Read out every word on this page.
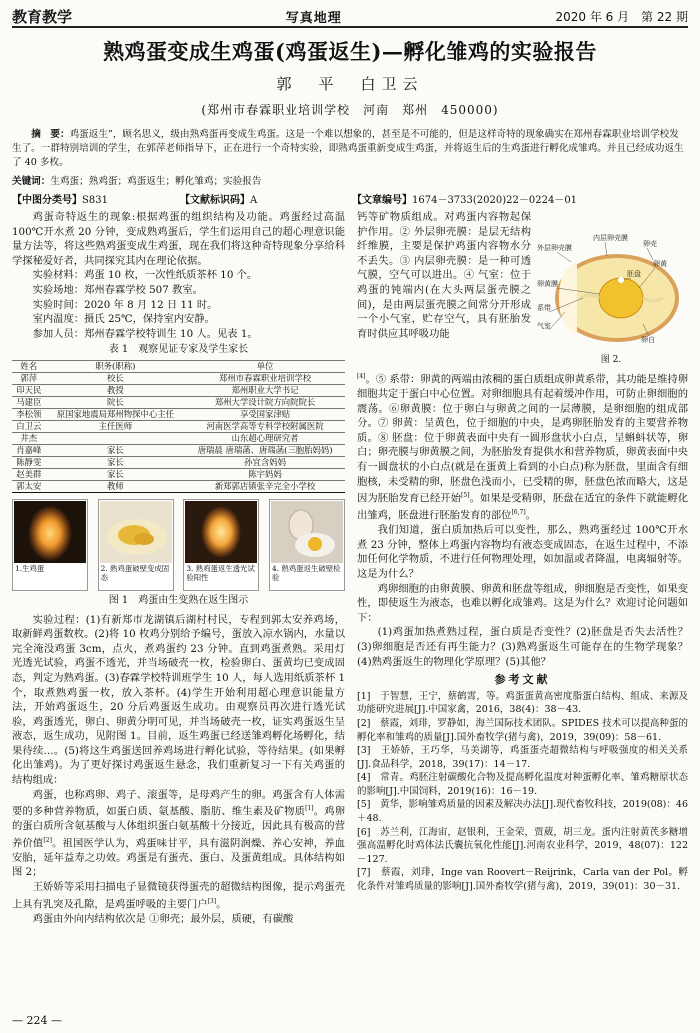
教育教学	写真地理	2020 年 6 月　第 22 期
熟鸡蛋变成生鸡蛋(鸡蛋返生)—孵化雏鸡的实验报告
郭　平　白卫云
(郑州市春霖职业培训学校　河南　郑州　450000)
摘　要：鸡蛋返生”，顾名思义，级由熟鸡蛋再变成生鸡蛋。这是一个难以想象的，甚至是不可能的，但是这样奇特的现象确实在郑州春霖职业培训学校发生了。一群特别培训的学生，在郭萍老师指导下，正在进行一个奇特实验，即熟鸡蛋重新变成生鸡蛋，并将返生后的生鸡蛋进行孵化成雏鸡。并且已经成功返生了 40 多枚。
关键词：生鸡蛋；熟鸡蛋；鸡蛋返生；孵化雏鸡；实验报告
【中图分类号】S831	【文献标识码】A	【文章编号】1674－3733(2020)22－0224－01

鸡蛋奇特返生的现象:根据鸡蛋的组织结构及功能。鸡蛋经过高温 100℃开水煮 20 分钟，变成熟鸡蛋后，学生们运用自己的超心理意识能量方法等，将这些熟鸡蛋变成生鸡蛋，现在我们将这种奇特现象分享给科学探秘爱好者，共同探究其内在理论依据。

实验材料：鸡蛋 10 枚，一次性纸质茶杯 10 个。

实验场地：郑州春霖学校 507 教室。

实验时间：2020 年 8 月 12 日 11 时。

室内温度：摄氏 25℃，保持室内安静。

参加人员：郑州春霖学校特训生 10 人。见表 1。

表 1　观察见证专家及学生家长
姓名	职务(职称)	单位
郭萍	校长	郑州市春霖职业培训学校
印天民	教授	郑州职业大学书记
马建臣	院长	郑州大学设计院方向院院长
李松领	原国家地震局郑州物探中心主任	享受国家津贴
白卫云	主任医师	河南医学高等专科学校附属医院
井杰		山东超心理研究者
肖嘉峰	家长	唐瑞晨 唐瑞菡、唐瑞菡(三胞胎妈妈)
陈静雯	家长	孙宜含妈妈
赵美群	家长	陈宇妈妈
郭太安	教师	新郑郭店镇张辛完全小学校
1.生鸡蛋	2. 熟鸡蛋破壁变成固态
3. 熟鸡蛋返生透光试验阳性
4. 熟鸡蛋返生破壁检验
图 1　鸡蛋由生变熟在返生图示

实验过程：(1)有新郑市龙湖镇后湖村村民，专程到郭太安养鸡场，取新鲜鸡蛋数枚。(2)将 10 枚鸡分别给予编号，蛋放入凉水锅内，水量以完全淹没鸡蛋 3cm，点火，煮鸡蛋约 23 分钟。直到鸡蛋煮熟。采用灯光透光试验，鸡蛋不透光，并当场破壳一枚，检验卵白、蛋黄均已变成固态，判定为熟鸡蛋。(3)春霖学校特训班学生 10 人，每人选用纸质茶杯 1 个，取煮熟鸡蛋一枚，放入茶杯。(4)学生开始利用超心理意识能量方法，开始鸡蛋返生，20 分后鸡蛋返生成功。由观察员再次进行透光试验，鸡蛋透光，卵白、卵黄分明可见，并当场破壳一枚，证实鸡蛋返生呈液态，返生成功，见附图 1。目前，返生鸡蛋已经送雏鸡孵化场孵化，结果待续…。(5)将这生鸡蛋送回养鸡场进行孵化试验，等待结果。(如果孵化出雏鸡)。为了更好探讨鸡蛋返生悬念，我们重新复习一下有关鸡蛋的结构组成：

鸡蛋，也称鸡卵、鸡子、滚蛋等，是母鸡产生的卵。鸡蛋含有人体需要的多种营养物质，如蛋白质、氨基酸、脂肪、维生素及矿物质[1]。鸡卵的蛋白质所含氨基酸与人体组织蛋白氨基酸十分接近，因此具有极高的营养价值[2]。祖国医学认为，鸡蛋味甘平，具有滋阴润燥、养心安神，养血安胎，延年益寿之功效。鸡蛋是有蛋壳、蛋白、及蛋黄组成。具体结构如图 2；

王娇娇等采用扫描电子显微镜获得蛋壳的超微结构图像，提示鸡蛋壳上具有乳突及孔隙，是鸡蛋呼吸的主要门户[3]。

鸡蛋由外向内结构依次是 ①卵壳；最外层，质硬，有碳酸

内层卵壳膜
外层卵壳膜	卵壳
卵黄
卵黄膜
胚盘
系带
气室
卵白
图 2.

钙等矿物质组成。对鸡蛋内容物起保护作用。② 外层卵壳膜：是层无结构纤维膜，主要是保护鸡蛋内容物水分不丢失。③ 内层卵壳膜：是一种可透气膜，空气可以进出。④ 气室：位于鸡蛋的钝端内(在大头两层蛋壳膜之间)，是由两层蛋壳膜之间常分开形成一个小气室，贮存空气，具有胚胎发育时供应其呼吸功能

[4]。⑤ 系带：卵黄的两端由浓稠的蛋白质组成卵黄系带，其功能是维持卵细胞共定于蛋白中心位置。对卵细胞具有起着缓冲作用，可防止卵细胞的震荡。⑥卵黄膜：位于卵白与卵黄之间的一层薄膜，是卵细胞的组成部分。⑦ 卵黄：呈黄色，位于细胞的中央，是鸡卵胚胎发育的主要营养物质。⑧ 胚盘：位于卵黄表面中央有一圆形盘状小白点，呈蝌蚪状等，卵白；卵壳膜与卵黄膜之间，为胚胎发育提供水和营养物质，卵黄表面中央有一圆盘状的小白点(就是在蛋黄上看到的小白点)称为胚盘，里面含有细胞核，未受精的卵，胚盘色浅而小，已受精的卵，胚盘色浓而略大，这是因为胚胎发育已经开始[5]。如果是受精卵，胚盘在适宜的条件下就能孵化出雏鸡，胚盘进行胚胎发育的部位[6,7]。

我们知道，蛋白质加热后可以变性，那么，熟鸡蛋经过 100℃开水煮 23 分钟，整体上鸡蛋内容物均有液态变成固态，在返生过程中，不添加任何化学物质，不进行任何物理处理，如加温或者降温，电离辐射等。这是为什么？

鸡卵细胞的由卵黄膜、卵黄和胚盘等组成，卵细胞是否变性，如果变性，即使返生为液态，也难以孵化成雏鸡。这是为什么？欢迎讨论问题如下：

(1)鸡蛋加热煮熟过程，蛋白质是否变性？(2)胚盘是否失去活性？(3)卵细胞是否还有再生能力？(3)熟鸡蛋返生可能存在的生物学现象？(4)熟鸡蛋返生的物理化学原理？(5)其他？

参考文献
[1]　于智慧，王宁，蔡鹤霄，等。鸡蛋蛋黄高密度脂蛋白结构、组成、来源及功能研究进展[J].中国家禽，2016，38(4)：38－43.
[2]　蔡霞，刘琲，罗静如，海兰国际技术团队。SPIDES 技术可以提高种蛋的孵化率和雏鸡的质量[J].国外畜牧学(猪与禽)，2019，39(09)：58－61.
[3]　王娇娇，王巧华，马美湖等，鸡蛋蛋壳超微结构与呼吸强度的相关关系[J].食品科学，2018，39(17)：14－17.
[4]　常青。鸡胚注射碳酸化合物及提高孵化温度对种蛋孵化率、雏鸡糖原状态的影响[J].中国饲料，2019(16)：16－19.
[5]　黄华，影响雏鸡质量的因素及解决办法[J].现代畜牧科技，2019(08)：46＋48.
[6]　苏兰利，江海宙，赵银利，王金荣，贾葳，胡三龙。蛋内注射黄芪多糖增强高温孵化时鸡体法氏囊抗氧化性能[J].河南农业科学，2019，48(07)：122－127.
[7]　蔡霞，刘琲，Inge van Roovert－Reijrink，Carla van der Pol。孵化条件对雏鸡质量的影响[J].国外畜牧学(猪与禽)，2019，39(01)：30－31.
— 224 —
